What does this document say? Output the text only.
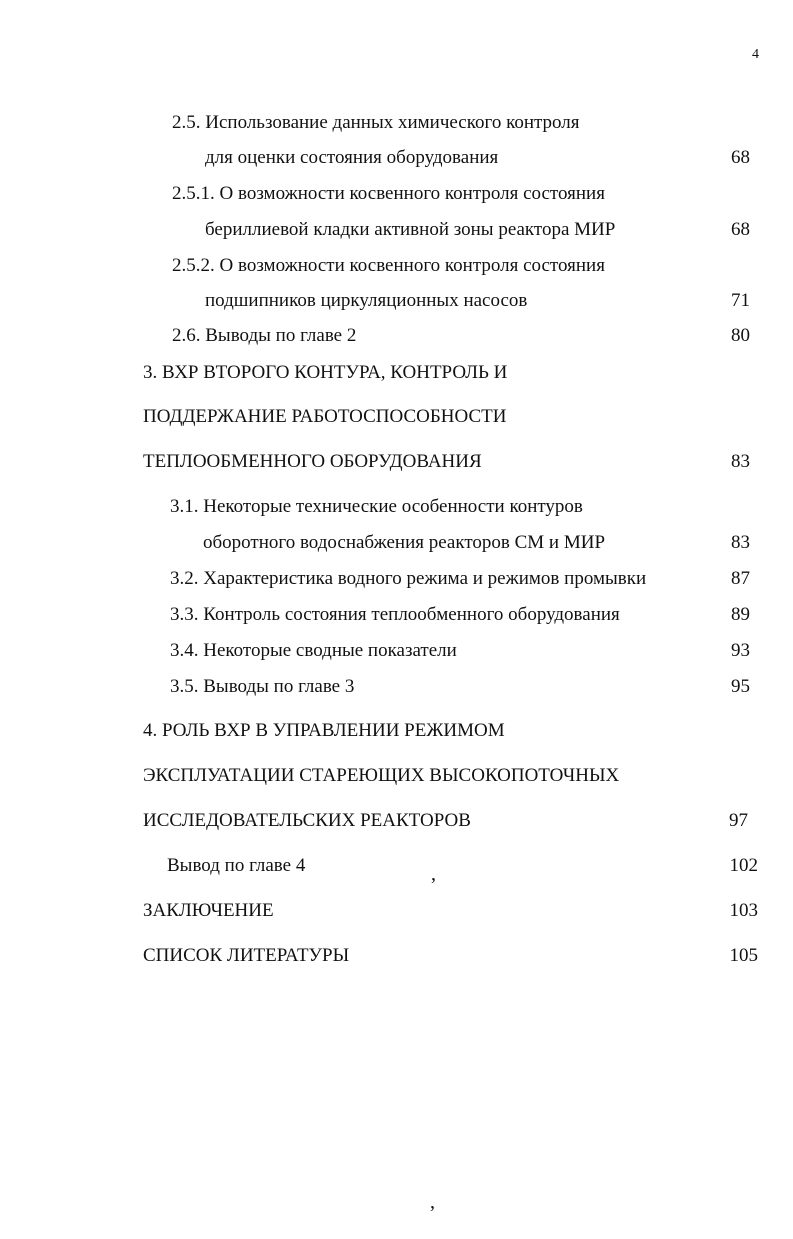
4
2.5. Использование данных химического контроля
для оценки состояния оборудования	68
2.5.1. О возможности косвенного контроля состояния
бериллиевой кладки активной зоны реактора МИР	68
2.5.2. О возможности косвенного контроля состояния
подшипников циркуляционных насосов	71
2.6. Выводы по главе 2	80
3. ВХР ВТОРОГО КОНТУРА, КОНТРОЛЬ И
ПОДДЕРЖАНИЕ РАБОТОСПОСОБНОСТИ
ТЕПЛООБМЕННОГО ОБОРУДОВАНИЯ	83
3.1. Некоторые технические особенности контуров
оборотного водоснабжения реакторов СМ и МИР	83
3.2. Характеристика водного режима и режимов промывки	87
3.3. Контроль состояния теплообменного оборудования	89
3.4. Некоторые сводные показатели	93
3.5. Выводы по главе 3	95
4. РОЛЬ ВХР В УПРАВЛЕНИИ РЕЖИМОМ
ЭКСПЛУАТАЦИИ СТАРЕЮЩИХ ВЫСОКОПОТОЧНЫХ
ИССЛЕДОВАТЕЛЬСКИХ РЕАКТОРОВ	97
Вывод по главе 4	102
ЗАКЛЮЧЕНИЕ	103
СПИСОК ЛИТЕРАТУРЫ	105
,
,
